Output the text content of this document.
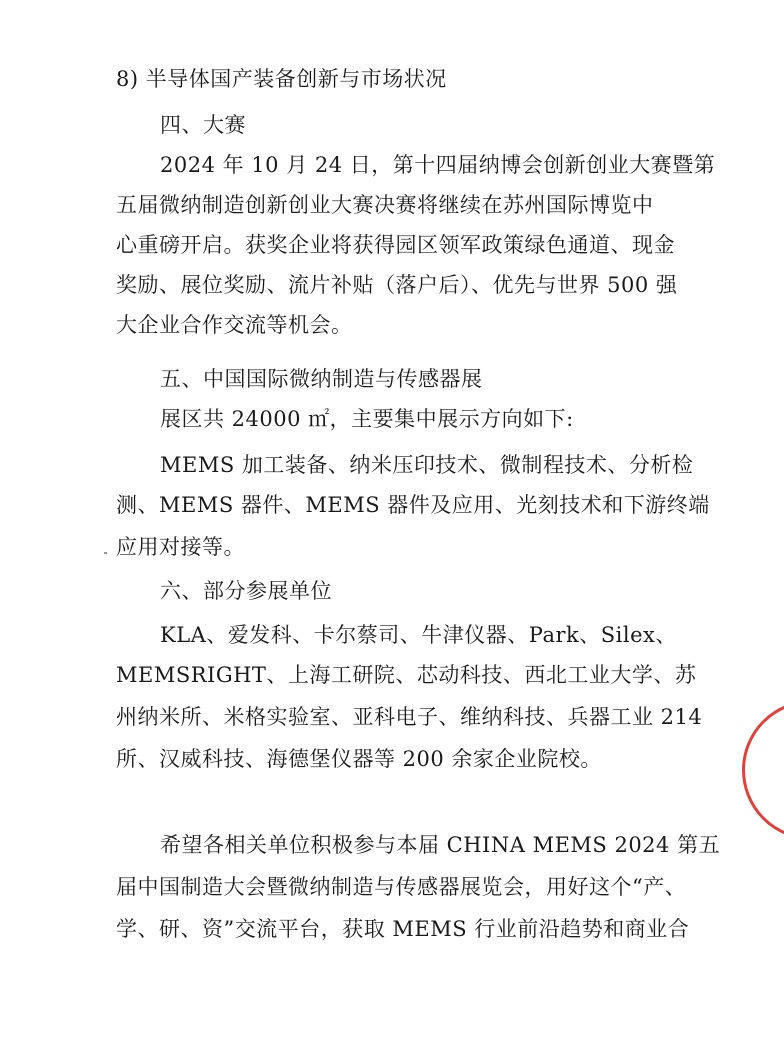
8) 半导体国产装备创新与市场状况
四、大赛
2024 年 10 月 24 日，第十四届纳博会创新创业大赛暨第
五届微纳制造创新创业大赛决赛将继续在苏州国际博览中
心重磅开启。获奖企业将获得园区领军政策绿色通道、现金
奖励、展位奖励、流片补贴（落户后）、优先与世界 500 强
大企业合作交流等机会。
五、中国国际微纳制造与传感器展
展区共 24000 ㎡，主要集中展示方向如下:
MEMS 加工装备、纳米压印技术、微制程技术、分析检
测、MEMS 器件、MEMS 器件及应用、光刻技术和下游终端
应用对接等。
六、部分参展单位
KLA、爱发科、卡尔蔡司、牛津仪器、Park、Silex、
MEMSRIGHT、上海工研院、芯动科技、西北工业大学、苏
州纳米所、米格实验室、亚科电子、维纳科技、兵器工业 214
所、汉威科技、海德堡仪器等 200 余家企业院校。
希望各相关单位积极参与本届 CHINA MEMS 2024 第五
届中国制造大会暨微纳制造与传感器展览会，用好这个“产、
学、研、资”交流平台，获取 MEMS 行业前沿趋势和商业合
